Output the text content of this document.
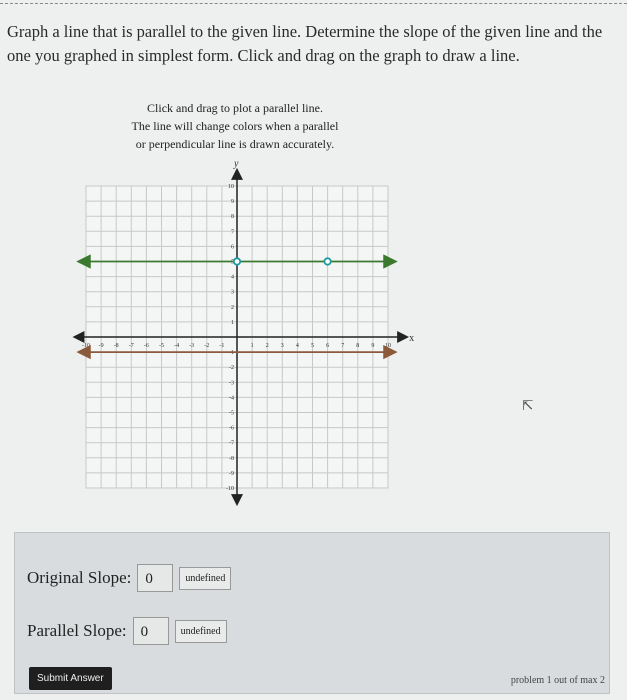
Graph a line that is parallel to the given line. Determine the slope of the given line and the one you graphed in simplest form. Click and drag on the graph to draw a line.
Click and drag to plot a parallel line.
The line will change colors when a parallel
or perpendicular line is drawn accurately.
x
y
-10 -9 -8 -7 -6 -5 -4 -3 -2 -1	1 2 3 4 5 6 7 8 9 10
10
9
8
7
6
5
4
3
2
1
-1
-2
-3
-4
-5
-6
-7
-8
-9
-10
⇱
Original Slope: 0	undefined
Parallel Slope: 0	undefined
Submit Answer	problem 1 out of max 2
